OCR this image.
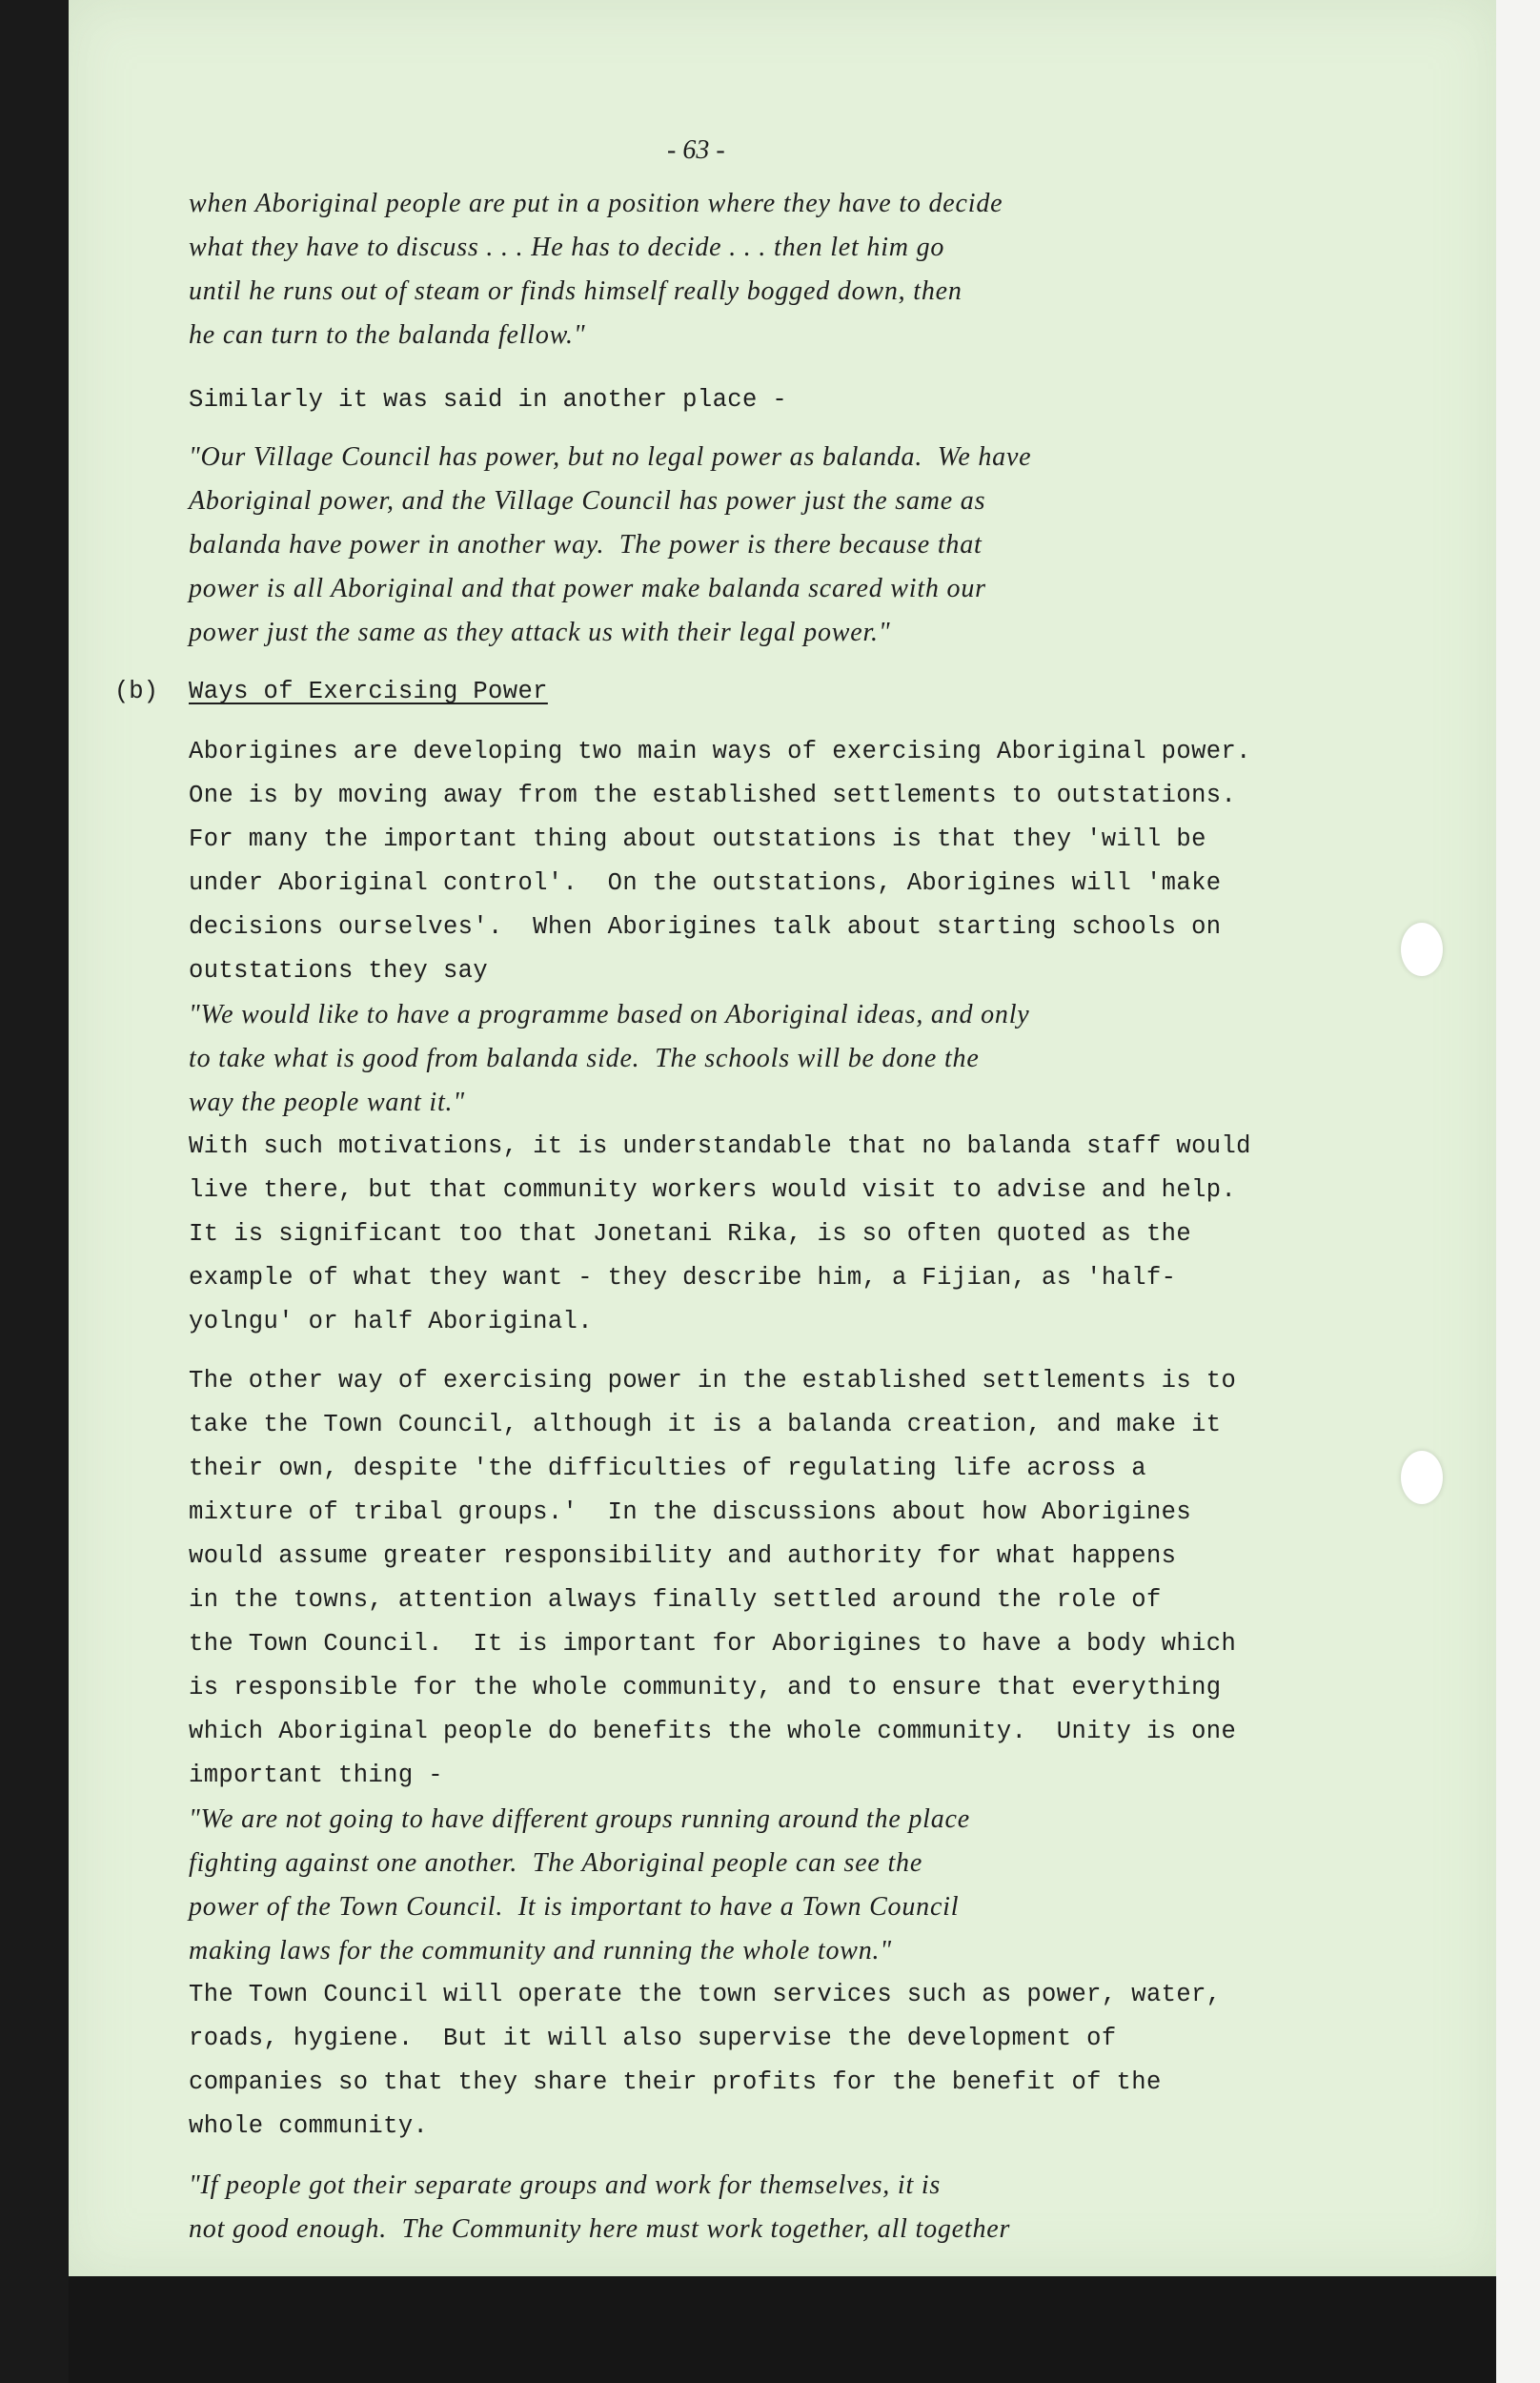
- 63 -
(b) Ways of Exercising Power
when Aboriginal people are put in a position where they have to decide
what they have to discuss . . . He has to decide . . . then let him go
until he runs out of steam or finds himself really bogged down, then
he can turn to the balanda fellow."
Similarly it was said in another place -
"Our Village Council has power, but no legal power as balanda.  We have
Aboriginal power, and the Village Council has power just the same as
balanda have power in another way.  The power is there because that
power is all Aboriginal and that power make balanda scared with our
power just the same as they attack us with their legal power."
Aborigines are developing two main ways of exercising Aboriginal power.
One is by moving away from the established settlements to outstations.
For many the important thing about outstations is that they 'will be
under Aboriginal control'.  On the outstations, Aborigines will 'make
decisions ourselves'.  When Aborigines talk about starting schools on
outstations they say
"We would like to have a programme based on Aboriginal ideas, and only
to take what is good from balanda side.  The schools will be done the
way the people want it."
With such motivations, it is understandable that no balanda staff would
live there, but that community workers would visit to advise and help.
It is significant too that Jonetani Rika, is so often quoted as the
example of what they want - they describe him, a Fijian, as 'half-
yolngu' or half Aboriginal.
The other way of exercising power in the established settlements is to
take the Town Council, although it is a balanda creation, and make it
their own, despite 'the difficulties of regulating life across a
mixture of tribal groups.'  In the discussions about how Aborigines
would assume greater responsibility and authority for what happens
in the towns, attention always finally settled around the role of
the Town Council.  It is important for Aborigines to have a body which
is responsible for the whole community, and to ensure that everything
which Aboriginal people do benefits the whole community.  Unity is one
important thing -
"We are not going to have different groups running around the place
fighting against one another.  The Aboriginal people can see the
power of the Town Council.  It is important to have a Town Council
making laws for the community and running the whole town."
The Town Council will operate the town services such as power, water,
roads, hygiene.  But it will also supervise the development of
companies so that they share their profits for the benefit of the
whole community.
"If people got their separate groups and work for themselves, it is
not good enough.  The Community here must work together, all together
